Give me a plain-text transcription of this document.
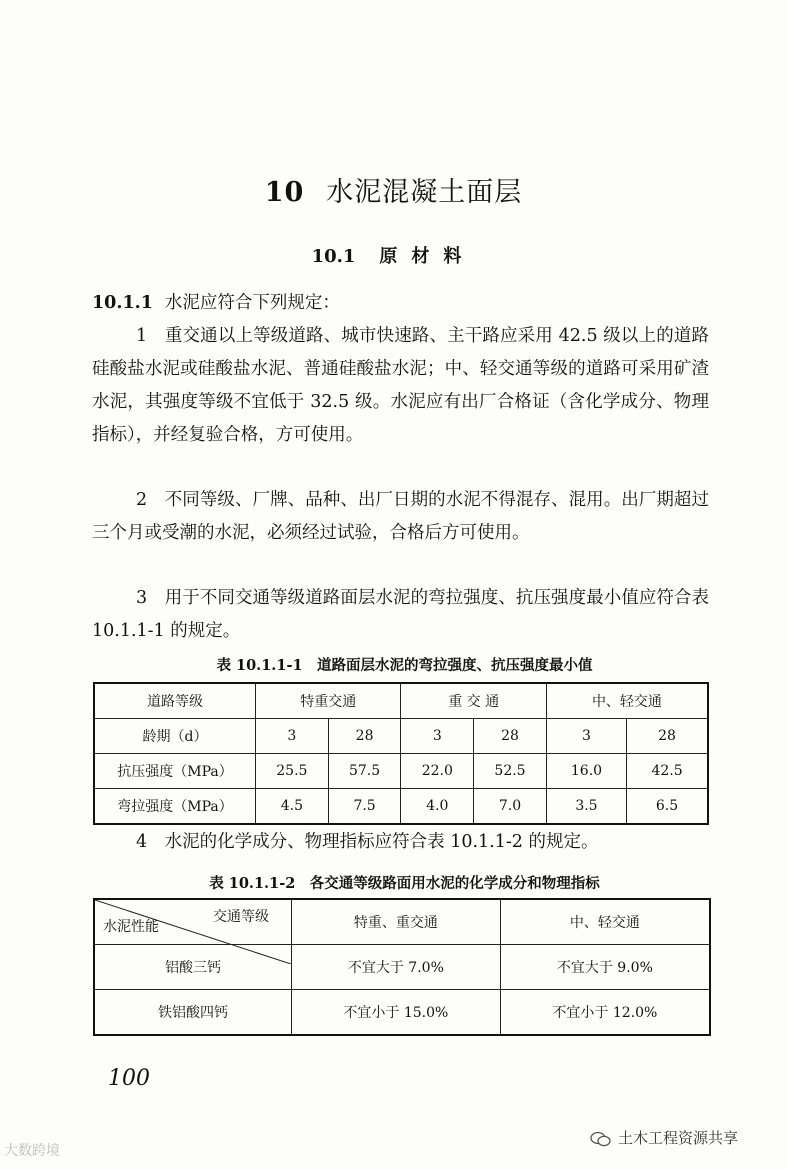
10 水泥混凝土面层
10.1 原材料
10.1.1 水泥应符合下列规定：
1　重交通以上等级道路、城市快速路、主干路应采用 42.5 级以上的道路硅酸盐水泥或硅酸盐水泥、普通硅酸盐水泥；中、轻交通等级的道路可采用矿渣水泥，其强度等级不宜低于 32.5 级。水泥应有出厂合格证（含化学成分、物理指标），并经复验合格，方可使用。
2　不同等级、厂牌、品种、出厂日期的水泥不得混存、混用。出厂期超过三个月或受潮的水泥，必须经过试验，合格后方可使用。
3　用于不同交通等级道路面层水泥的弯拉强度、抗压强度最小值应符合表 10.1.1-1 的规定。
表 10.1.1-1　道路面层水泥的弯拉强度、抗压强度最小值
道路等级	特重交通		重 交 通		中、轻交通	
龄期（d）	3	28	3	28	3	28
抗压强度（MPa）	25.5	57.5	22.0	52.5	16.0	42.5
弯拉强度（MPa）	4.5	7.5	4.0	7.0	3.5	6.5
4　水泥的化学成分、物理指标应符合表 10.1.1-2 的规定。
表 10.1.1-2　各交通等级路面用水泥的化学成分和物理指标
交通等级
水泥性能	特重、重交通	中、轻交通
铝酸三钙	不宜大于 7.0%	不宜大于 9.0%
铁铝酸四钙	不宜小于 15.0%	不宜小于 12.0%
100
大数跨境
土木工程资源共享
